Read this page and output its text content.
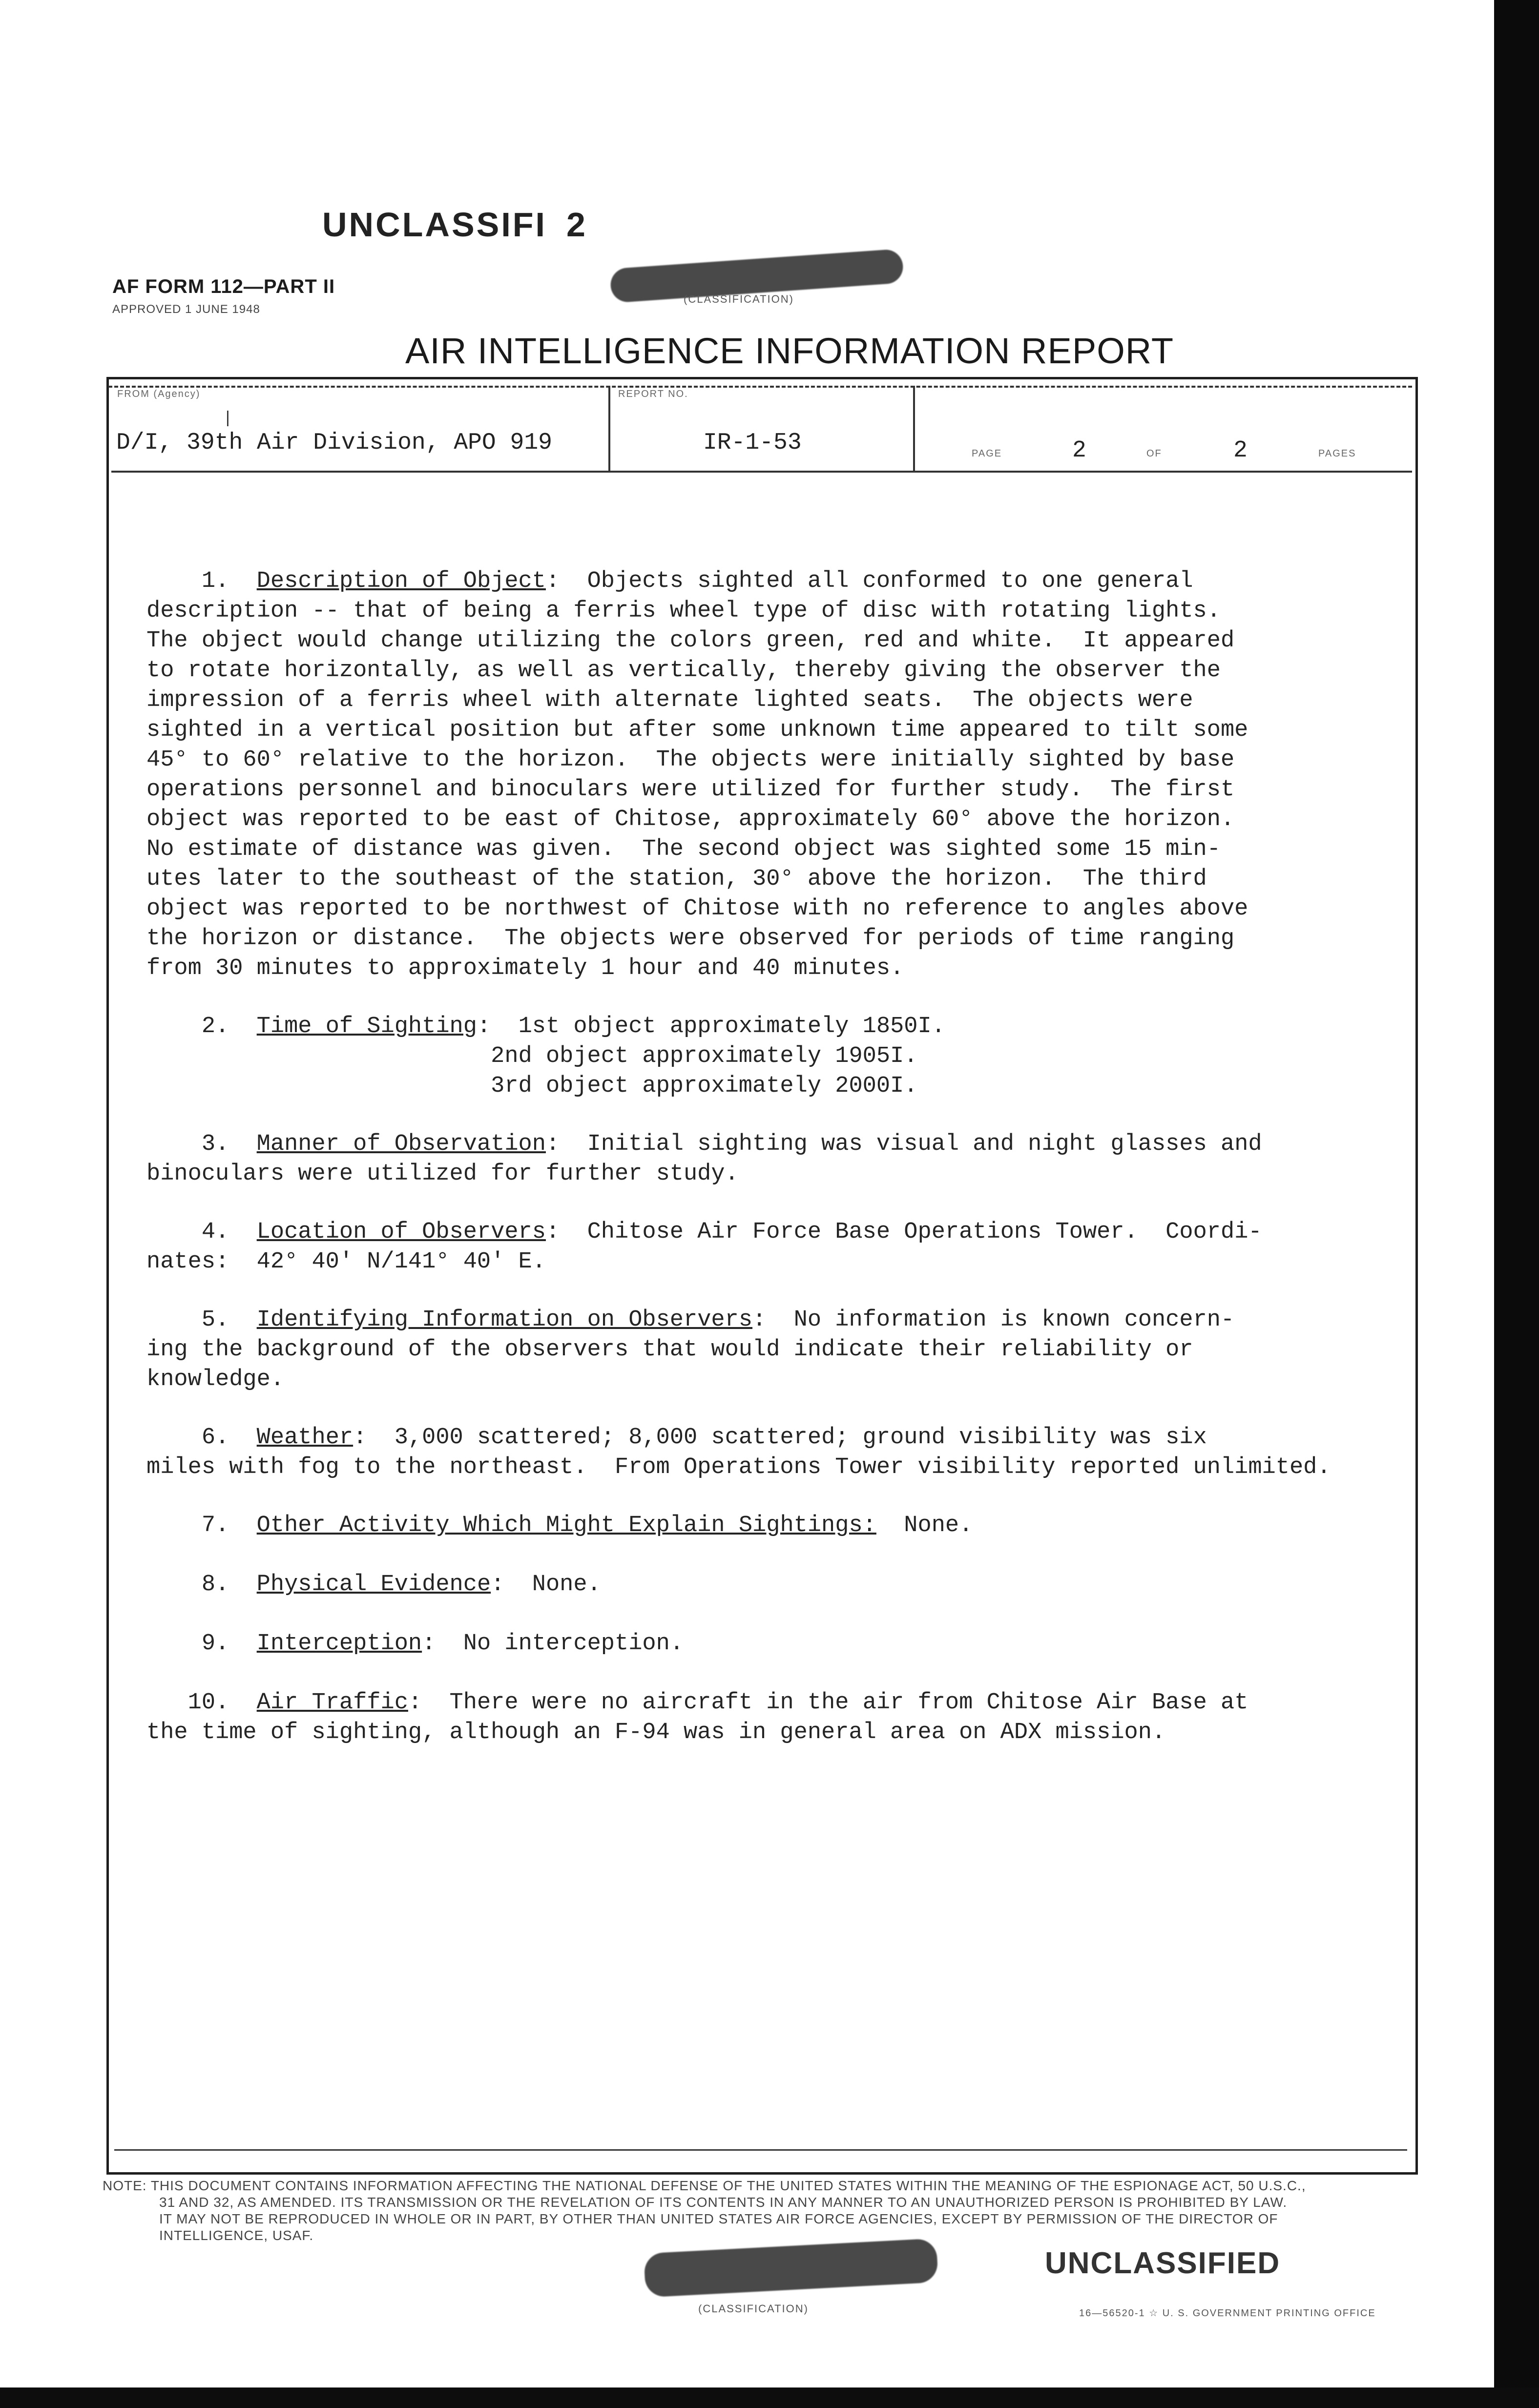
UNCLASSIFI 2
(CLASSIFICATION)
AF FORM 112—PART II
APPROVED 1 JUNE 1948
AIR INTELLIGENCE INFORMATION REPORT
FROM (Agency)
|
D/I, 39th Air Division, APO 919
REPORT NO.
IR-1-53	PAGE	2	OF	2	PAGES

1. Description of Object:  Objects sighted all conformed to one general

description -- that of being a ferris wheel type of disc with rotating lights.

The object would change utilizing the colors green, red and white.  It appeared

to rotate horizontally, as well as vertically, thereby giving the observer the

impression of a ferris wheel with alternate lighted seats.  The objects were

sighted in a vertical position but after some unknown time appeared to tilt some

45° to 60° relative to the horizon.  The objects were initially sighted by base

operations personnel and binoculars were utilized for further study.  The first

object was reported to be east of Chitose, approximately 60° above the horizon.

No estimate of distance was given.  The second object was sighted some 15 min-

utes later to the southeast of the station, 30° above the horizon.  The third

object was reported to be northwest of Chitose with no reference to angles above

the horizon or distance.  The objects were observed for periods of time ranging

from 30 minutes to approximately 1 hour and 40 minutes.

2. Time of Sighting:  1st object approximately 1850I.

2nd object approximately 1905I.

3rd object approximately 2000I.

3. Manner of Observation:  Initial sighting was visual and night glasses and

binoculars were utilized for further study.

4. Location of Observers:  Chitose Air Force Base Operations Tower.  Coordi-

nates:  42° 40' N/141° 40' E.

5. Identifying Information on Observers:  No information is known concern-

ing the background of the observers that would indicate their reliability or

knowledge.

6. Weather:  3,000 scattered; 8,000 scattered; ground visibility was six

miles with fog to the northeast.  From Operations Tower visibility reported unlimited.

7. Other Activity Which Might Explain Sightings:  None.

8. Physical Evidence:  None.

9. Interception:  No interception.

10. Air Traffic:  There were no aircraft in the air from Chitose Air Base at

the time of sighting, although an F-94 was in general area on ADX mission.

NOTE: THIS DOCUMENT CONTAINS INFORMATION AFFECTING THE NATIONAL DEFENSE OF THE UNITED STATES WITHIN THE MEANING OF THE ESPIONAGE ACT, 50 U.S.C.,
31 AND 32, AS AMENDED. ITS TRANSMISSION OR THE REVELATION OF ITS CONTENTS IN ANY MANNER TO AN UNAUTHORIZED PERSON IS PROHIBITED BY LAW.
IT MAY NOT BE REPRODUCED IN WHOLE OR IN PART, BY OTHER THAN UNITED STATES AIR FORCE AGENCIES, EXCEPT BY PERMISSION OF THE DIRECTOR OF
INTELLIGENCE, USAF.
(CLASSIFICATION)
UNCLASSIFIED
16—56520-1 ☆ U. S. GOVERNMENT PRINTING OFFICE
